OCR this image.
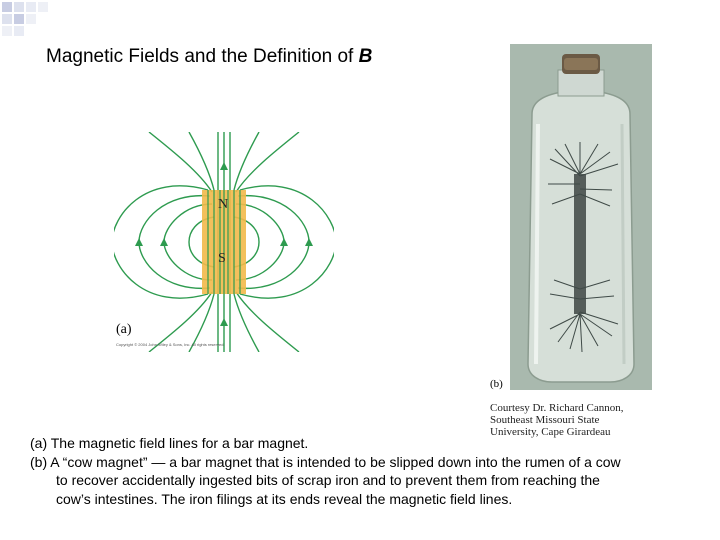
Magnetic Fields and the Definition of B
N
S
(a)
Copyright © 2004 John Wiley & Sons, Inc. All rights reserved.
(b)
Courtesy Dr. Richard Cannon,
Southeast Missouri State
University, Cape Girardeau
(a) The magnetic field lines for a bar magnet.
(b) A “cow magnet” — a bar magnet that is intended to be slipped down into the rumen of a cow
to recover accidentally ingested bits of scrap iron and to prevent them from reaching the
cow’s intestines. The iron filings at its ends reveal the magnetic field lines.
